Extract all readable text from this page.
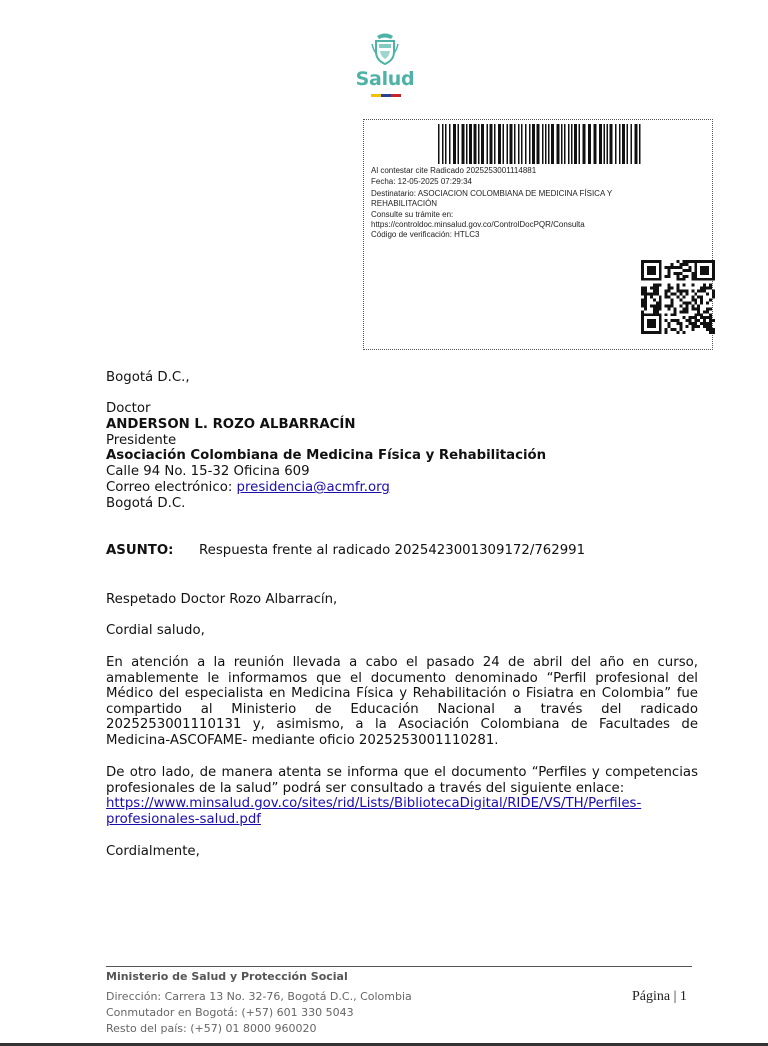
Salud
Al contestar cite Radicado 2025253001114881
Fecha: 12-05-2025 07:29:34
Destinatario: ASOCIACION COLOMBIANA DE MEDICINA FÍSICA Y REHABILITACIÓN
Consulte su trámite en:
https://controldoc.minsalud.gov.co/ControlDocPQR/Consulta
Código de verificación: HTLC3
Bogotá D.C.,
Doctor
ANDERSON L. ROZO ALBARRACÍN
Presidente
Asociación Colombiana de Medicina Física y Rehabilitación
Calle 94 No. 15-32 Oficina 609
Correo electrónico: presidencia@acmfr.org
Bogotá D.C.
ASUNTO: Respuesta frente al radicado 2025423001309172/762991
Respetado Doctor Rozo Albarracín,
Cordial saludo,
En atención a la reunión llevada a cabo el pasado 24 de abril del año en curso, amablemente le informamos que el documento denominado “Perfil profesional del Médico del especialista en Medicina Física y Rehabilitación o Fisiatra en Colombia” fue compartido al Ministerio de Educación Nacional a través del radicado 2025253001110131 y, asimismo, a la Asociación Colombiana de Facultades de Medicina-ASCOFAME- mediante oficio 2025253001110281.
De otro lado, de manera atenta se informa que el documento “Perfiles y competencias profesionales de la salud” podrá ser consultado a través del siguiente enlace:
https://www.minsalud.gov.co/sites/rid/Lists/BibliotecaDigital/RIDE/VS/TH/Perfiles-
profesionales-salud.pdf
Cordialmente,
Ministerio de Salud y Protección Social
Dirección: Carrera 13 No. 32-76, Bogotá D.C., Colombia
Conmutador en Bogotá: (+57) 601 330 5043
Resto del país: (+57) 01 8000 960020
Página | 1
